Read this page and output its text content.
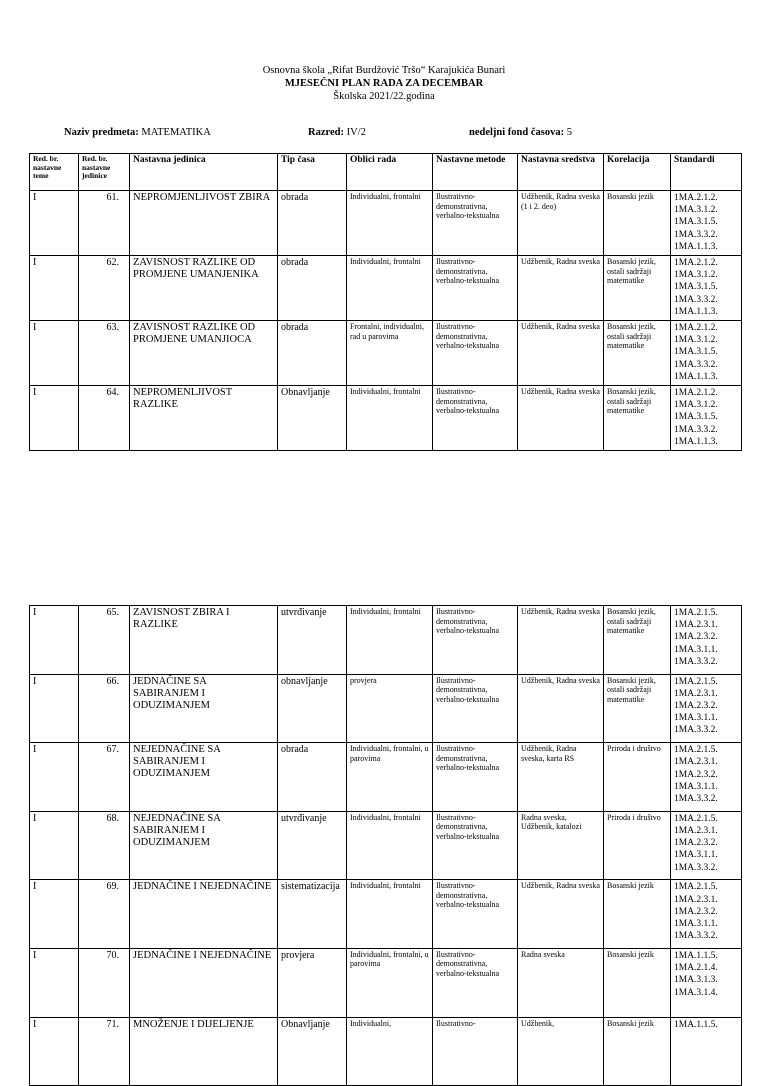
Osnovna škola „Rifat Burdžović Tršo“ Karajukića Bunari
MJESEČNI PLAN RADA ZA DECEMBAR
Školska 2021/22.godina
Naziv predmeta: MATEMATIKA	Razred: IV/2	nedeljni fond časova: 5
Red. br. nastavne teme	Red. br. nastavne jedinice	Nastavna jedinica	Tip časa	Oblici rada	Nastavne metode	Nastavna sredstva	Korelacija	Standardi
I	61.	NEPROMJENLJIVOST ZBIRA	obrada	Individualni, frontalni	Ilustrativno-demonstrativna, verbalno-tekstualna	Udžbenik, Radna sveska (1 i 2. deo)	Bosanski jezik	1MA.2.1.2.
1MA.3.1.2.
1MA.3.1.5.
1MA.3.3.2.
1MA.1.1.3.
I	62.	ZAVISNOST RAZLIKE OD PROMJENE UMANJENIKA	obrada	Individualni, frontalni	Ilustrativno-demonstrativna, verbalno-tekstualna	Udžbenik, Radna sveska	Bosanski jezik, ostali sadržaji matematike	1MA.2.1.2.
1MA.3.1.2.
1MA.3.1.5.
1MA.3.3.2.
1MA.1.1.3.
I	63.	ZAVISNOST RAZLIKE OD PROMJENE UMANJIOCA	obrada	Frontalni, individualni, rad u parovima	Ilustrativno-demonstrativna, verbalno-tekstualna	Udžbenik, Radna sveska	Bosanski jezik, ostali sadržaji matematike	1MA.2.1.2.
1MA.3.1.2.
1MA.3.1.5.
1MA.3.3.2.
1MA.1.1.3.
I	64.	NEPROMENLJIVOST RAZLIKE	Obnavljanje	Individualni, frontalni	Ilustrativno-demonstrativna, verbalno-tekstualna	Udžbenik, Radna sveska	Bosanski jezik, ostali sadržaji matematike	1MA.2.1.2.
1MA.3.1.2.
1MA.3.1.5.
1MA.3.3.2.
1MA.1.1.3.
I	65.	ZAVISNOST ZBIRA I RAZLIKE	utvrđivanje	Individualni, frontalni	Ilustrativno-demonstrativna, verbalno-tekstualna	Udžbenik, Radna sveska	Bosanski jezik, ostali sadržaji matematike	1MA.2.1.5.
1MA.2.3.1.
1MA.2.3.2.
1MA.3.1.1.
1MA.3.3.2.
I	66.	JEDNAČINE SA SABIRANJEM I ODUZIMANJEM	obnavljanje	provjera	Ilustrativno-demonstrativna, verbalno-tekstualna	Udžbenik, Radna sveska	Bosanski jezik, ostali sadržaji matematike	1MA.2.1.5.
1MA.2.3.1.
1MA.2.3.2.
1MA.3.1.1.
1MA.3.3.2.
I	67.	NEJEDNAČINE SA SABIRANJEM I ODUZIMANJEM	obrada	Individualni, frontalni, u parovima	Ilustrativno-demonstrativna, verbalno-tekstualna	Udžbenik, Radna sveska, karta RS	Priroda i društvo	1MA.2.1.5.
1MA.2.3.1.
1MA.2.3.2.
1MA.3.1.1.
1MA.3.3.2.
I	68.	NEJEDNAČINE SA SABIRANJEM I ODUZIMANJEM	utvrđivanje	Individualni, frontalni	Ilustrativno-demonstrativna, verbalno-tekstualna	Radna sveska, Udžbenik, katalozi	Priroda i društvo	1MA.2.1.5.
1MA.2.3.1.
1MA.2.3.2.
1MA.3.1.1.
1MA.3.3.2.
I	69.	JEDNAČINE I NEJEDNAČINE	sistematizacija	Individualni, frontalni	Ilustrativno-demonstrativna, verbalno-tekstualna	Udžbenik, Radna sveska	Bosanski jezik	1MA.2.1.5.
1MA.2.3.1.
1MA.2.3.2.
1MA.3.1.1.
1MA.3.3.2.
I	70.	JEDNAČINE I NEJEDNAČINE	provjera	Individualni, frontalni, u parovima	Ilustrativno-demonstrativna, verbalno-tekstualna	Radna sveska	Bosanski jezik	1MA.1.1.5.
1MA.2.1.4.
1MA.3.1.3.
1MA.3.1.4.
I	71.	MNOŽENJE I DIJELJENJE	Obnavljanje	Individualni,	Ilustrativno-	Udžbenik,	Bosanski jezik	1MA.1.1.5.
